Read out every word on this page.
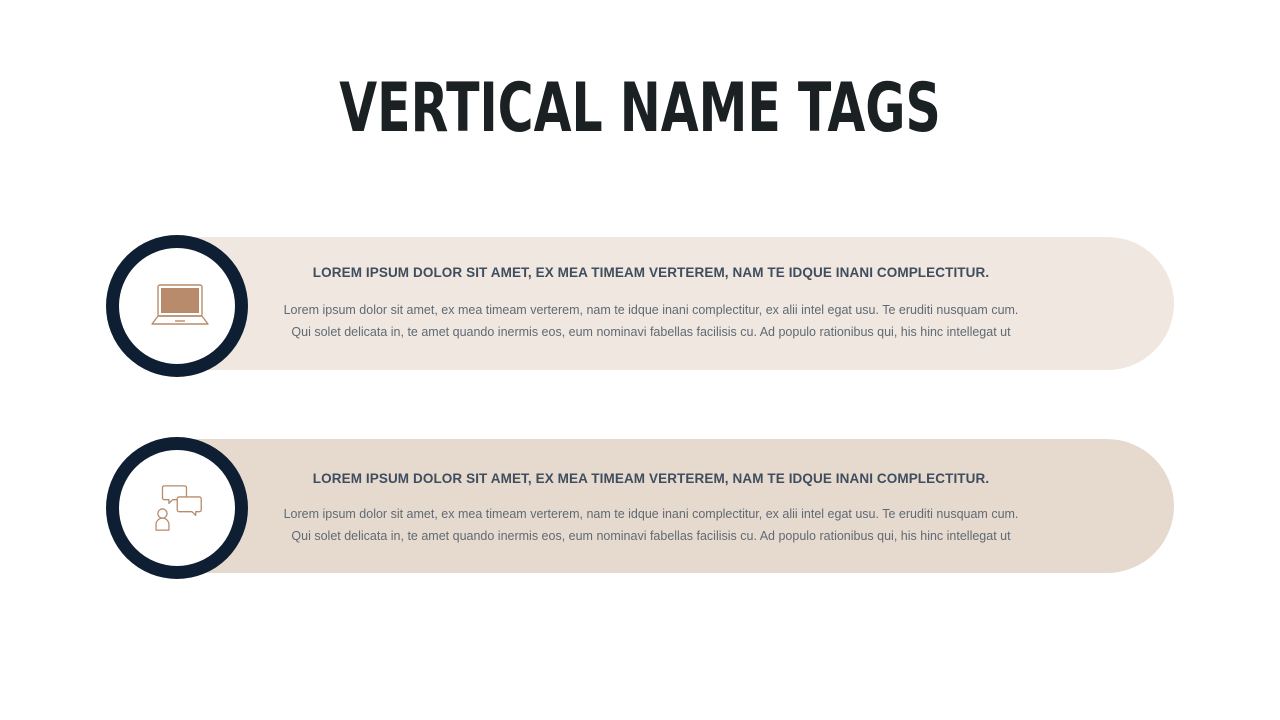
VERTICAL NAME TAGS
LOREM IPSUM DOLOR SIT AMET, EX MEA TIMEAM VERTEREM, NAM TE IDQUE INANI COMPLECTITUR.
Lorem ipsum dolor sit amet, ex mea timeam verterem, nam te idque inani complectitur, ex alii intel egat usu. Te eruditi nusquam cum. Qui solet delicata in, te amet quando inermis eos, eum nominavi fabellas facilisis cu. Ad populo rationibus qui, his hinc intellegat ut
LOREM IPSUM DOLOR SIT AMET, EX MEA TIMEAM VERTEREM, NAM TE IDQUE INANI COMPLECTITUR.
Lorem ipsum dolor sit amet, ex mea timeam verterem, nam te idque inani complectitur, ex alii intel egat usu. Te eruditi nusquam cum. Qui solet delicata in, te amet quando inermis eos, eum nominavi fabellas facilisis cu. Ad populo rationibus qui, his hinc intellegat ut
